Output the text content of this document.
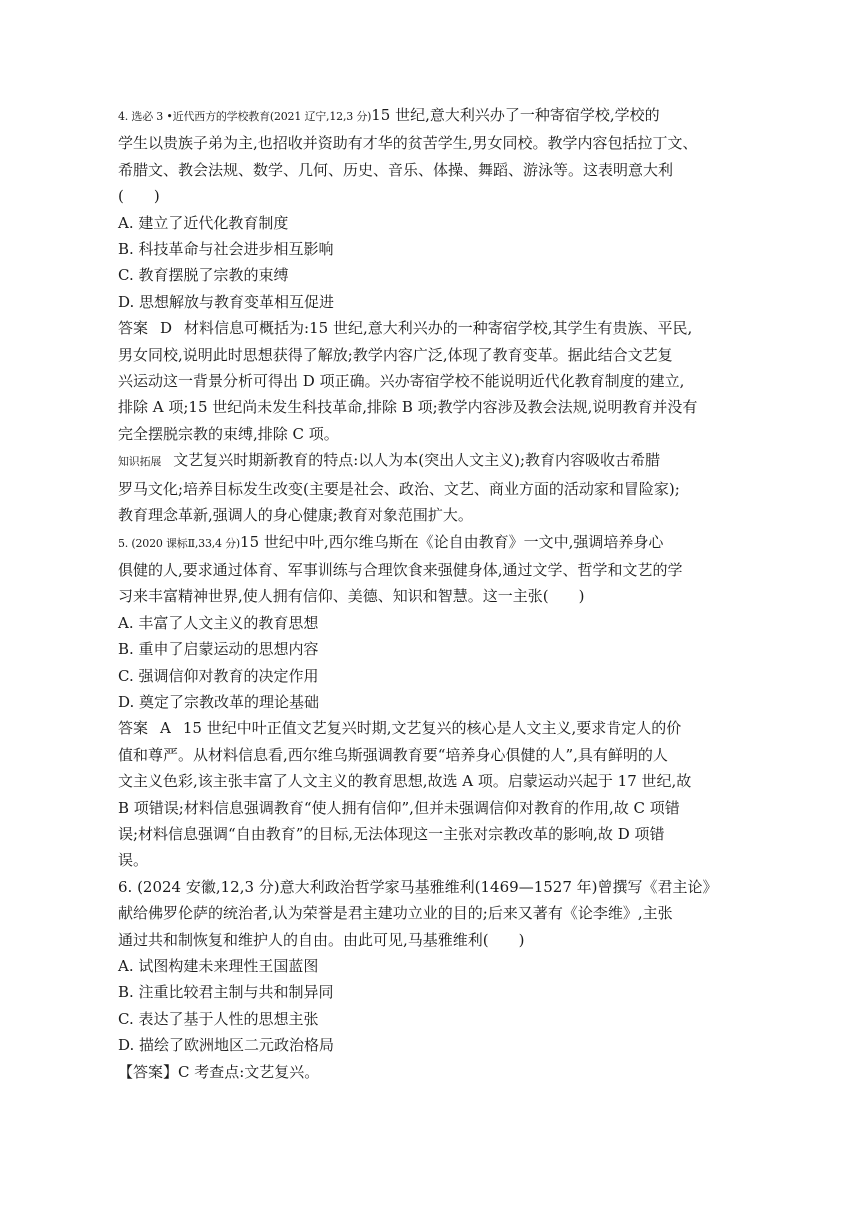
4. 选必 3 •近代西方的学校教育(2021 辽宁,12,3 分)15 世纪,意大利兴办了一种寄宿学校,学校的
学生以贵族子弟为主,也招收并资助有才华的贫苦学生,男女同校。教学内容包括拉丁文、
希腊文、教会法规、数学、几何、历史、音乐、体操、舞蹈、游泳等。这表明意大利
(　　)
A. 建立了近代化教育制度
B. 科技革命与社会进步相互影响
C. 教育摆脱了宗教的束缚
D. 思想解放与教育变革相互促进
答案 D 材料信息可概括为:15 世纪,意大利兴办的一种寄宿学校,其学生有贵族、平民,
男女同校,说明此时思想获得了解放;教学内容广泛,体现了教育变革。据此结合文艺复
兴运动这一背景分析可得出 D 项正确。兴办寄宿学校不能说明近代化教育制度的建立,
排除 A 项;15 世纪尚未发生科技革命,排除 B 项;教学内容涉及教会法规,说明教育并没有
完全摆脱宗教的束缚,排除 C 项。
知识拓展 文艺复兴时期新教育的特点:以人为本(突出人文主义);教育内容吸收古希腊
罗马文化;培养目标发生改变(主要是社会、政治、文艺、商业方面的活动家和冒险家);
教育理念革新,强调人的身心健康;教育对象范围扩大。
5. (2020 课标Ⅱ,33,4 分)15 世纪中叶,西尔维乌斯在《论自由教育》一文中,强调培养身心
俱健的人,要求通过体育、军事训练与合理饮食来强健身体,通过文学、哲学和文艺的学
习来丰富精神世界,使人拥有信仰、美德、知识和智慧。这一主张(　　)
A. 丰富了人文主义的教育思想
B. 重申了启蒙运动的思想内容
C. 强调信仰对教育的决定作用
D. 奠定了宗教改革的理论基础
答案 A 15 世纪中叶正值文艺复兴时期,文艺复兴的核心是人文主义,要求肯定人的价
值和尊严。从材料信息看,西尔维乌斯强调教育要“培养身心俱健的人”,具有鲜明的人
文主义色彩,该主张丰富了人文主义的教育思想,故选 A 项。启蒙运动兴起于 17 世纪,故
B 项错误;材料信息强调教育“使人拥有信仰”,但并未强调信仰对教育的作用,故 C 项错
误;材料信息强调“自由教育”的目标,无法体现这一主张对宗教改革的影响,故 D 项错
误。
6. (2024 安徽,12,3 分)意大利政治哲学家马基雅维利(1469—1527 年)曾撰写《君主论》
献给佛罗伦萨的统治者,认为荣誉是君主建功立业的目的;后来又著有《论李维》,主张
通过共和制恢复和维护人的自由。由此可见,马基雅维利(　　)
A. 试图构建未来理性王国蓝图
B. 注重比较君主制与共和制异同
C. 表达了基于人性的思想主张
D. 描绘了欧洲地区二元政治格局
【答案】C 考查点:文艺复兴。
